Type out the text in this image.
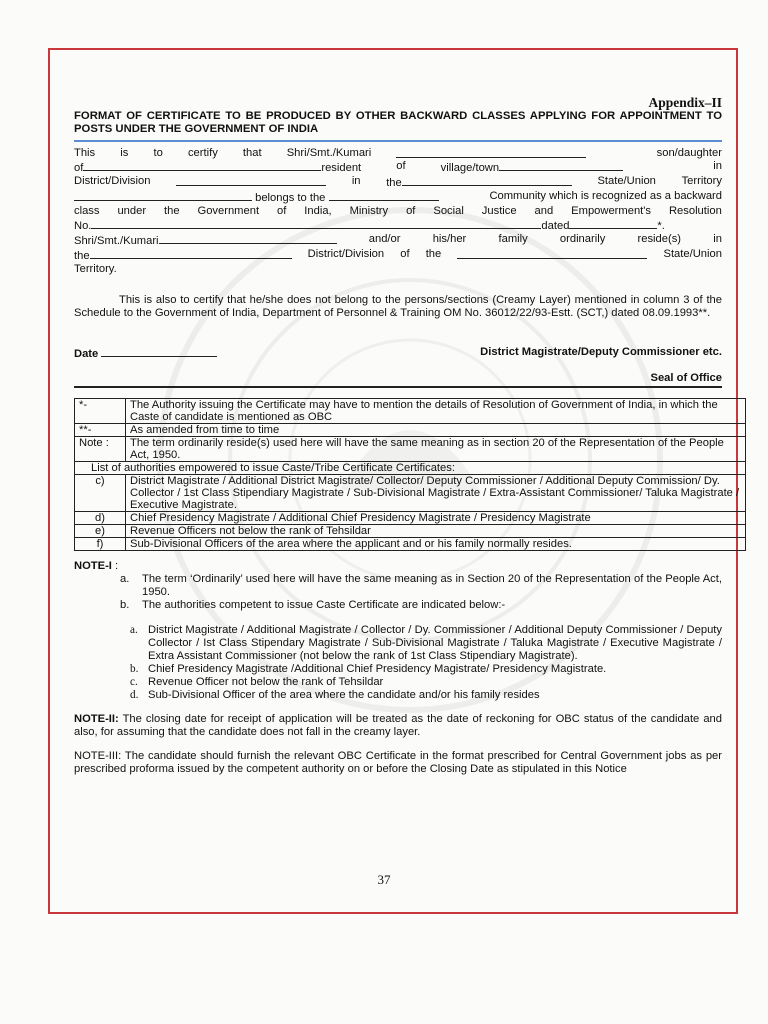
Appendix–II
FORMAT OF CERTIFICATE TO BE PRODUCED BY OTHER BACKWARD CLASSES APPLYING FOR APPOINTMENT TO POSTS UNDER THE GOVERNMENT OF INDIA
This is to certify that Shri/Smt./Kumari	son/daughter
of	resident	of	village/town	in
District/Division	in the	State/Union Territory
belongs to the	Community which is recognized as a backward
class under the Government of India, Ministry of Social Justice and Empowerment's Resolution
No.	dated	*.
Shri/Smt./Kumari	and/or	his/her	family	ordinarily	reside(s)	in
the	District/Division of the	State/Union
Territory.
This is also to certify that he/she does not belong to the persons/sections (Creamy Layer) mentioned in column 3 of the Schedule to the Government of India, Department of Personnel & Training OM No. 36012/22/93-Estt. (SCT,) dated 08.09.1993**.
Date	District Magistrate/Deputy Commissioner etc.
Seal of Office
*-	The Authority issuing the Certificate may have to mention the details of Resolution of Government of India, in which the Caste of candidate is mentioned as OBC
**-	As amended from time to time
Note :	The term ordinarily reside(s) used here will have the same meaning as in section 20 of the Representation of the People Act, 1950.
List of authorities empowered to issue Caste/Tribe Certificate Certificates:	
c)	District Magistrate / Additional District Magistrate/ Collector/ Deputy Commissioner / Additional Deputy Commission/ Dy. Collector / 1st Class Stipendiary Magistrate / Sub-Divisional Magistrate / Extra-Assistant Commissioner/ Taluka Magistrate / Executive Magistrate.
d)	Chief Presidency Magistrate / Additional Chief Presidency Magistrate / Presidency Magistrate
e)	Revenue Officers not below the rank of Tehsildar
f)	Sub-Divisional Officers of the area where the applicant and or his family normally resides.
NOTE-I :
a. The term ‘Ordinarily’ used here will have the same meaning as in Section 20 of the Representation of the People Act, 1950.
b. The authorities competent to issue Caste Certificate are indicated below:-
a. District Magistrate / Additional Magistrate / Collector / Dy. Commissioner / Additional Deputy Commissioner / Deputy Collector / Ist Class Stipendary Magistrate / Sub-Divisional Magistrate / Taluka Magistrate / Executive Magistrate / Extra Assistant Commissioner (not below the rank of 1st Class Stipendiary Magistrate).
b. Chief Presidency Magistrate /Additional Chief Presidency Magistrate/ Presidency Magistrate.
c. Revenue Officer not below the rank of Tehsildar
d. Sub-Divisional Officer of the area where the candidate and/or his family resides
NOTE-II: The closing date for receipt of application will be treated as the date of reckoning for OBC status of the candidate and also, for assuming that the candidate does not fall in the creamy layer.
NOTE-III: The candidate should furnish the relevant OBC Certificate in the format prescribed for Central Government jobs as per prescribed proforma issued by the competent authority on or before the Closing Date as stipulated in this Notice
37
